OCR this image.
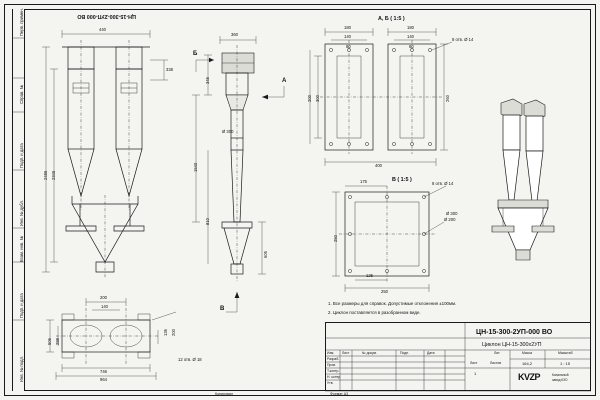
Перв. примен.
Справ. №
Подп. и дата
Инв. № дубл.
Взам. инв. №
Подп. и дата
Инв. № подл.
ЦН-15-300-2УП-000 ВО
440
338
2495 2345
Б
A
B
360
345
Ø 300
1540
810
605
А, Б ( 1:5 )
180	180
140	140
80	80
300
200	260
400
8 отв. Ø 14
В ( 1:5 )
175
250
250
125
Ø 200
Ø 300
8 отв. Ø 14
200
140
506 288
746
964
136 200
12 отв. Ø 18
1. Все размеры для справок. Допустимые отклонения ±100мм.
2. Циклон поставляется в разобранном виде.
ЦН-15-300-2УП-000 ВО
Циклон ЦН-15-300х2УП
Изм. Лист	№ докум.	Подп.	Дата
Разраб.
Пров.
Т.контр.
Н. контр.
Утв.
Лит.	Масса	Масштаб
164,2	1 : 15
Лист	Листов
1	KVZP	Копальный
завод КЗО
Копировал	Формат А3
